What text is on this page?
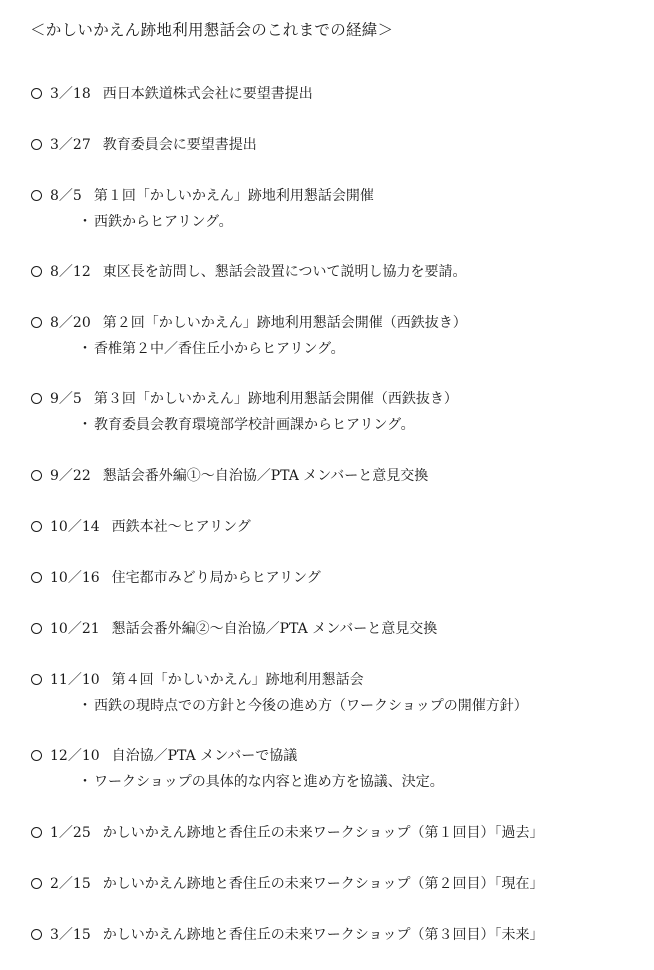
＜かしいかえん跡地利用懇話会のこれまでの経緯＞
3／18 西日本鉄道株式会社に要望書提出
3／27 教育委員会に要望書提出
8／5 第１回「かしいかえん」跡地利用懇話会開催
・ 西鉄からヒアリング。
8／12 東区長を訪問し、懇話会設置について説明し協力を要請。
8／20 第２回「かしいかえん」跡地利用懇話会開催（西鉄抜き）
・ 香椎第２中／香住丘小からヒアリング。
9／5 第３回「かしいかえん」跡地利用懇話会開催（西鉄抜き）
・ 教育委員会教育環境部学校計画課からヒアリング。
9／22 懇話会番外編①～自治協／PTA メンバーと意見交換
10／14 西鉄本社～ヒアリング
10／16 住宅都市みどり局からヒアリング
10／21 懇話会番外編②～自治協／PTA メンバーと意見交換
11／10 第４回「かしいかえん」跡地利用懇話会
・ 西鉄の現時点での方針と今後の進め方（ワークショップの開催方針）
12／10 自治協／PTA メンバーで協議
・ ワークショップの具体的な内容と進め方を協議、決定。
1／25 かしいかえん跡地と香住丘の未来ワークショップ（第１回目）「過去」
2／15 かしいかえん跡地と香住丘の未来ワークショップ（第２回目）「現在」
3／15 かしいかえん跡地と香住丘の未来ワークショップ（第３回目）「未来」
